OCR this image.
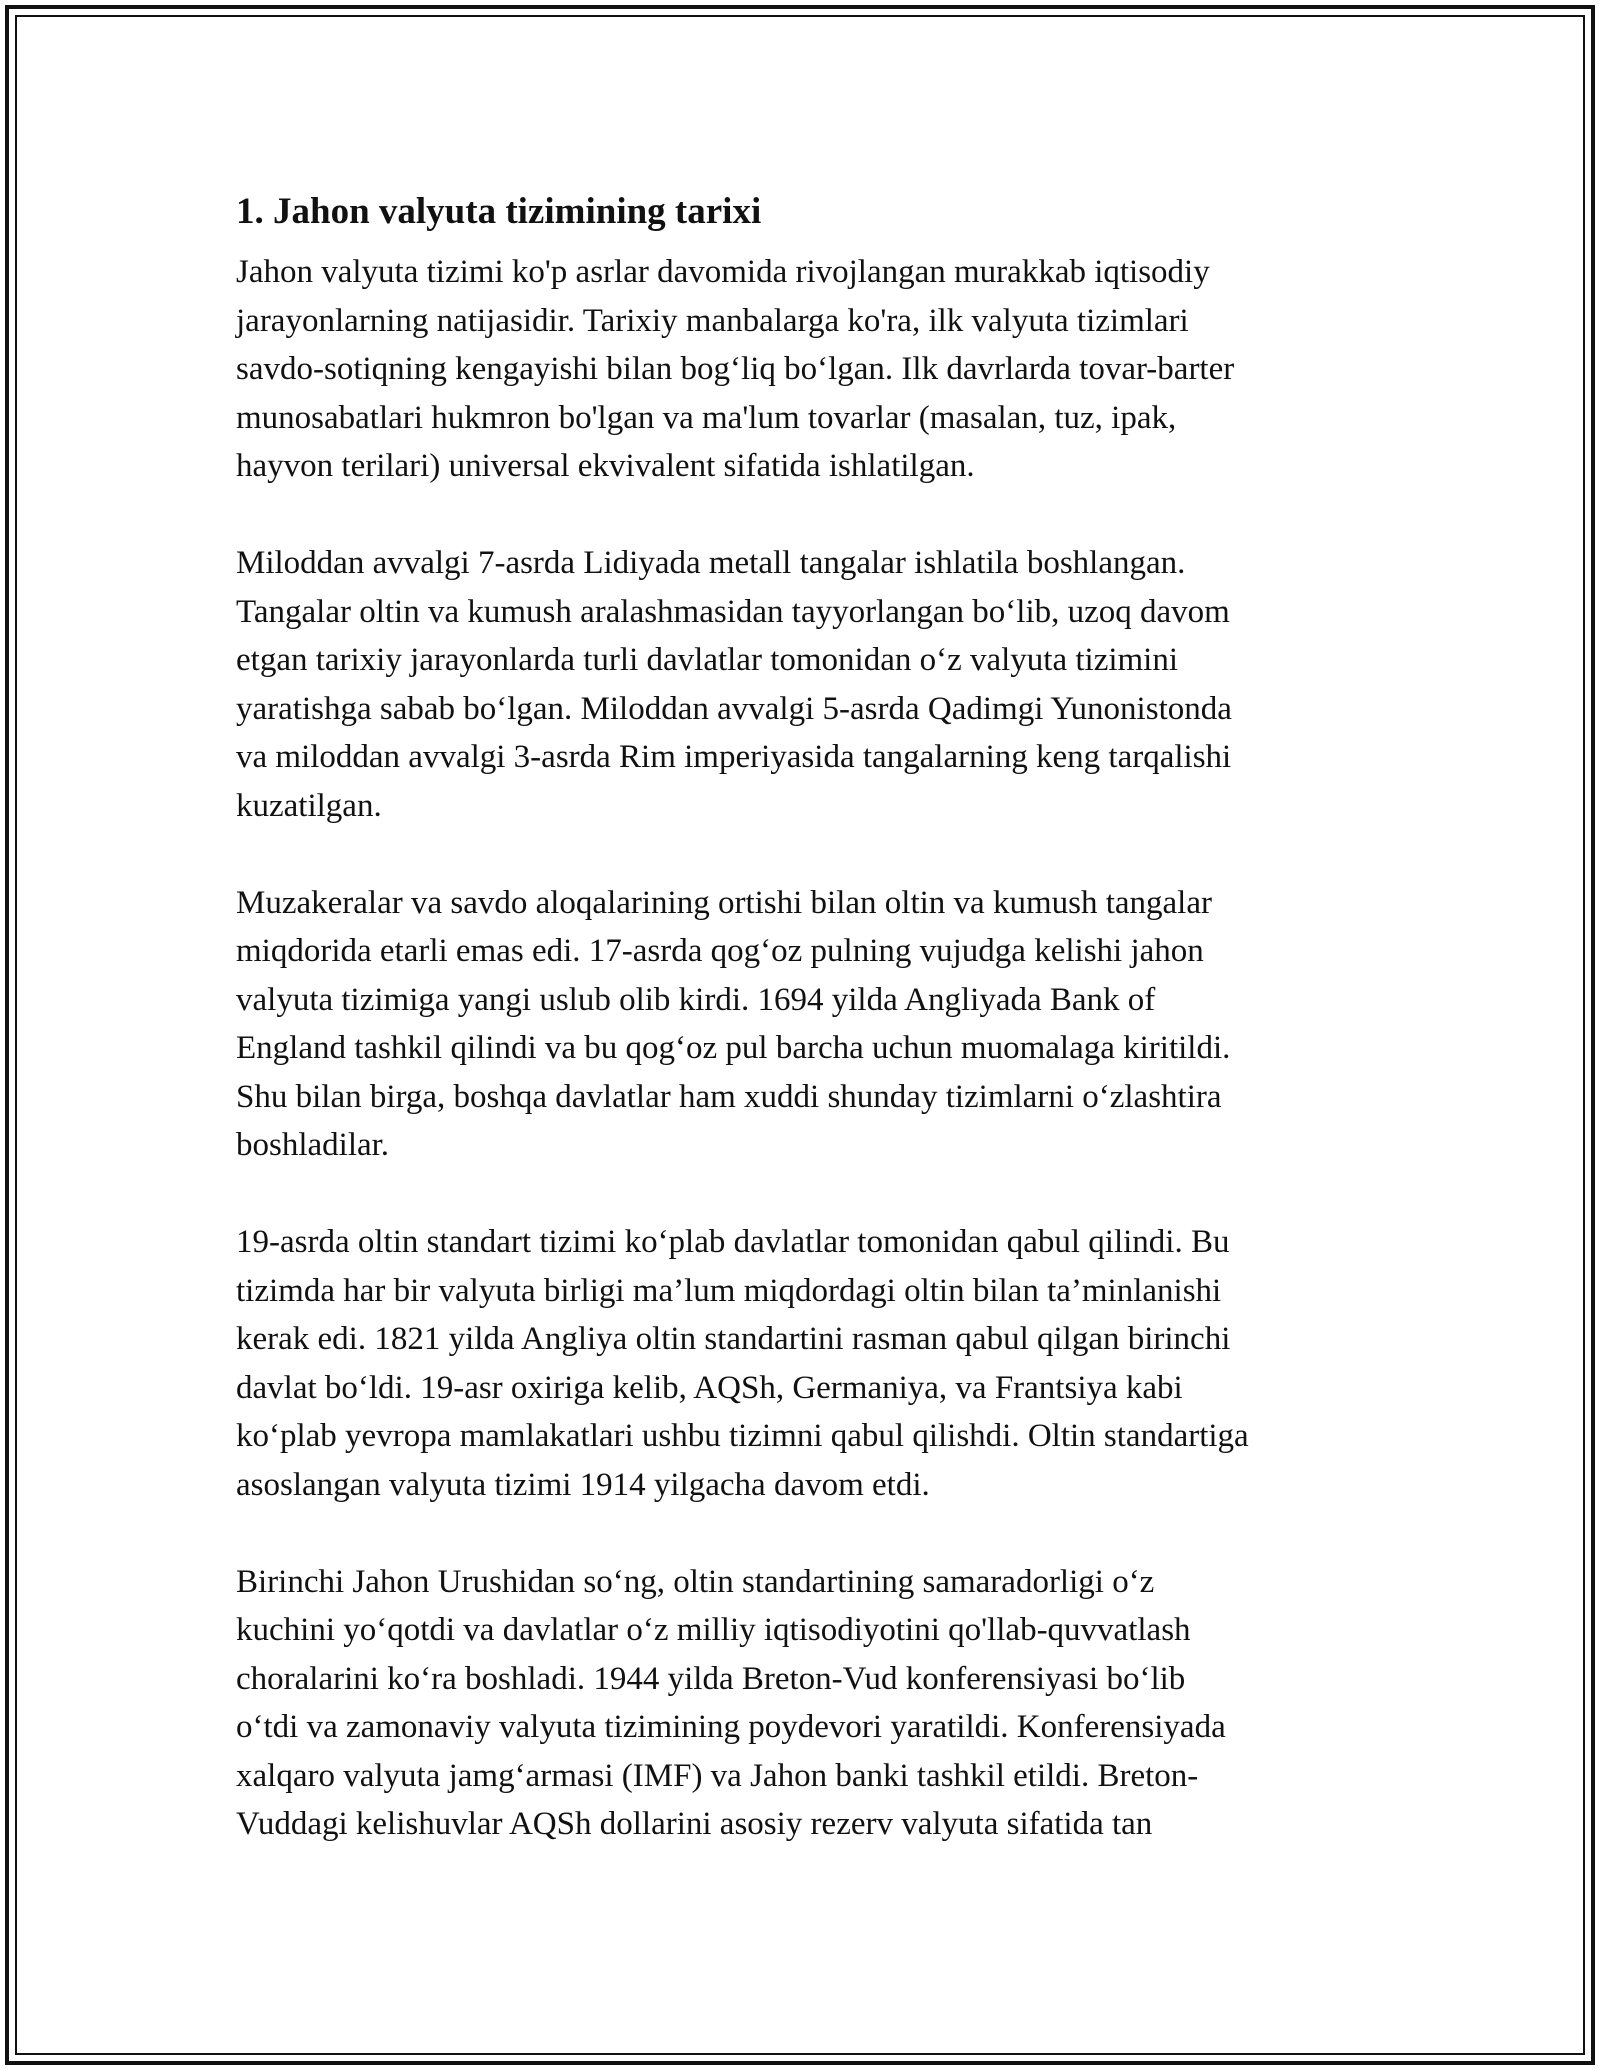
1. Jahon valyuta tizimining tarixi
Jahon valyuta tizimi ko'p asrlar davomida rivojlangan murakkab iqtisodiy
jarayonlarning natijasidir. Tarixiy manbalarga ko'ra, ilk valyuta tizimlari
savdo-sotiqning kengayishi bilan bog‘liq bo‘lgan. Ilk davrlarda tovar-barter
munosabatlari hukmron bo'lgan va ma'lum tovarlar (masalan, tuz, ipak,
hayvon terilari) universal ekvivalent sifatida ishlatilgan.
Miloddan avvalgi 7-asrda Lidiyada metall tangalar ishlatila boshlangan.
Tangalar oltin va kumush aralashmasidan tayyorlangan bo‘lib, uzoq davom
etgan tarixiy jarayonlarda turli davlatlar tomonidan o‘z valyuta tizimini
yaratishga sabab bo‘lgan. Miloddan avvalgi 5-asrda Qadimgi Yunonistonda
va miloddan avvalgi 3-asrda Rim imperiyasida tangalarning keng tarqalishi
kuzatilgan.
Muzakeralar va savdo aloqalarining ortishi bilan oltin va kumush tangalar
miqdorida etarli emas edi. 17-asrda qog‘oz pulning vujudga kelishi jahon
valyuta tizimiga yangi uslub olib kirdi. 1694 yilda Angliyada Bank of
England tashkil qilindi va bu qog‘oz pul barcha uchun muomalaga kiritildi.
Shu bilan birga, boshqa davlatlar ham xuddi shunday tizimlarni o‘zlashtira
boshladilar.
19-asrda oltin standart tizimi ko‘plab davlatlar tomonidan qabul qilindi. Bu
tizimda har bir valyuta birligi ma’lum miqdordagi oltin bilan ta’minlanishi
kerak edi. 1821 yilda Angliya oltin standartini rasman qabul qilgan birinchi
davlat bo‘ldi. 19-asr oxiriga kelib, AQSh, Germaniya, va Frantsiya kabi
ko‘plab yevropa mamlakatlari ushbu tizimni qabul qilishdi. Oltin standartiga
asoslangan valyuta tizimi 1914 yilgacha davom etdi.
Birinchi Jahon Urushidan so‘ng, oltin standartining samaradorligi o‘z
kuchini yo‘qotdi va davlatlar o‘z milliy iqtisodiyotini qo'llab-quvvatlash
choralarini ko‘ra boshladi. 1944 yilda Breton-Vud konferensiyasi bo‘lib
o‘tdi va zamonaviy valyuta tizimining poydevori yaratildi. Konferensiyada
xalqaro valyuta jamg‘armasi (IMF) va Jahon banki tashkil etildi. Breton-
Vuddagi kelishuvlar AQSh dollarini asosiy rezerv valyuta sifatida tan
